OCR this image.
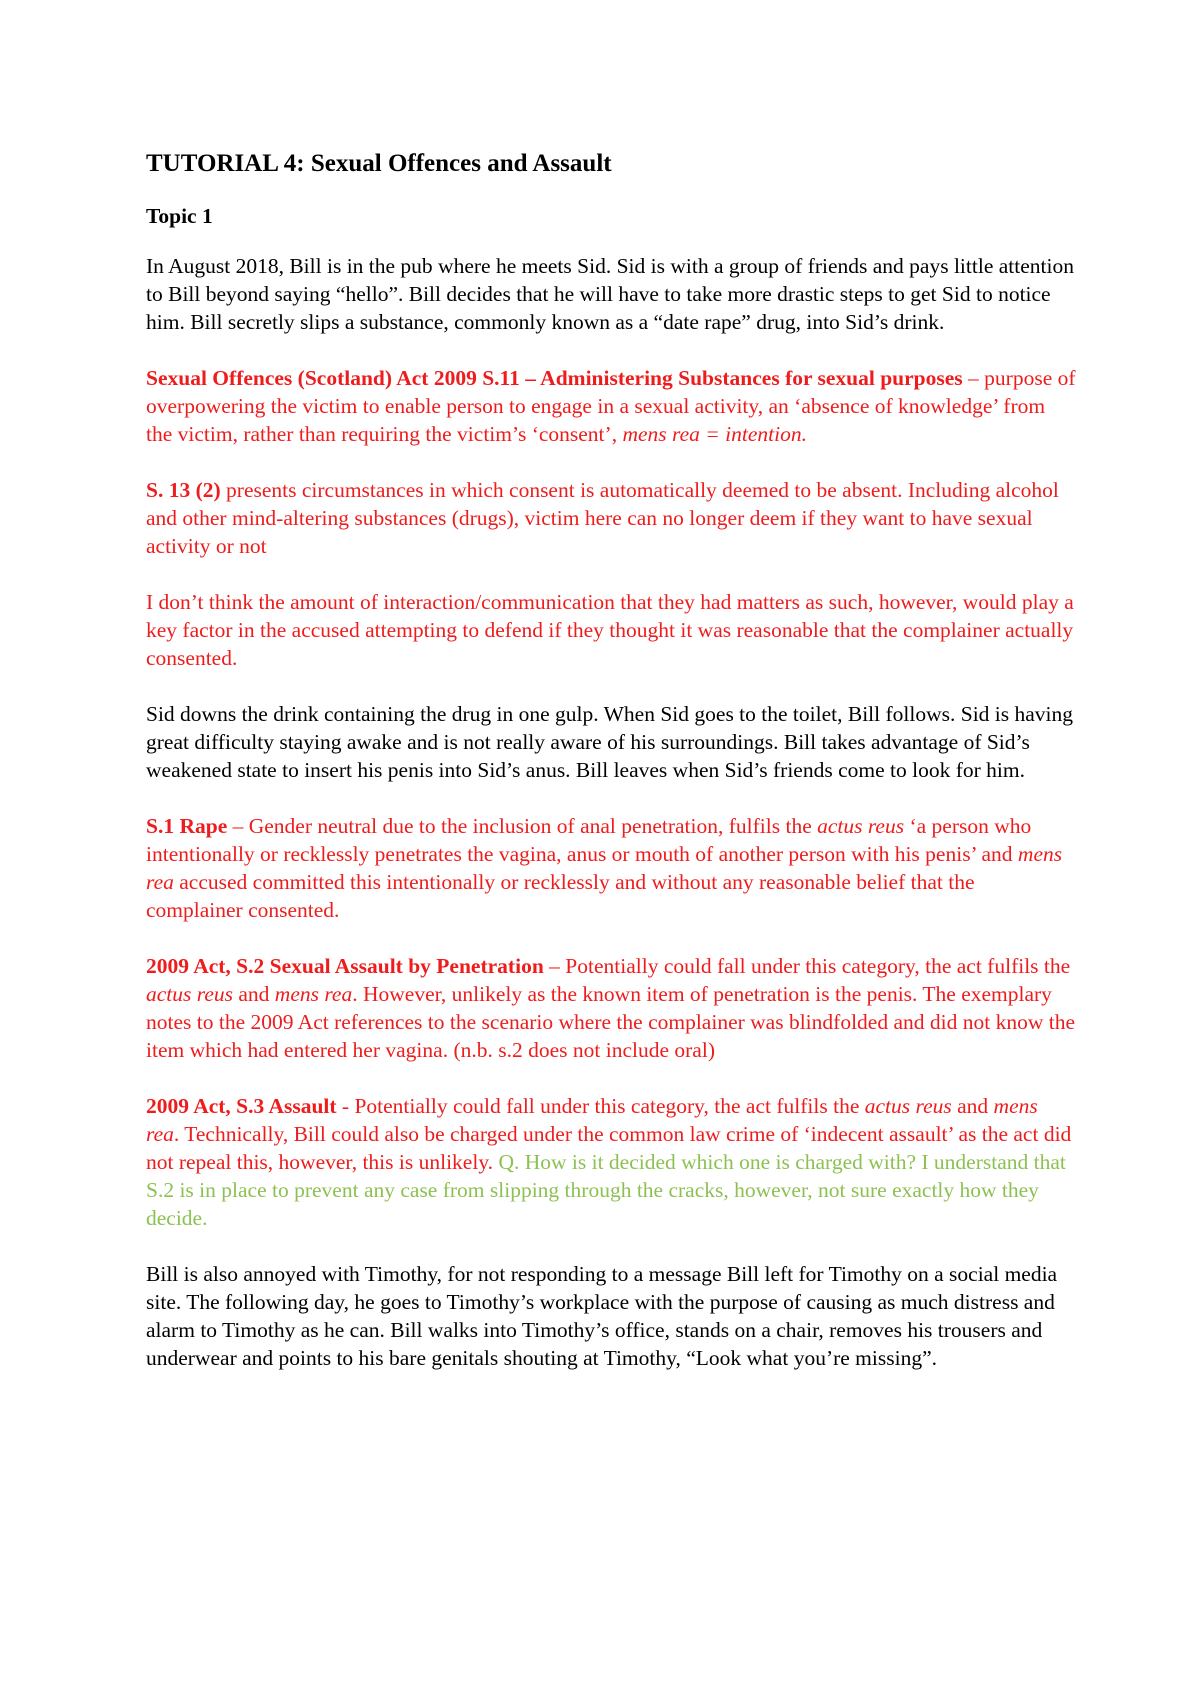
TUTORIAL 4: Sexual Offences and Assault
Topic 1

In August 2018, Bill is in the pub where he meets Sid. Sid is with a group of friends and pays little attention to Bill beyond saying “hello”. Bill decides that he will have to take more drastic steps to get Sid to notice him. Bill secretly slips a substance, commonly known as a “date rape” drug, into Sid’s drink.

Sexual Offences (Scotland) Act 2009 S.11 – Administering Substances for sexual purposes – purpose of overpowering the victim to enable person to engage in a sexual activity, an ‘absence of knowledge’ from the victim, rather than requiring the victim’s ‘consent’, mens rea = intention.

S. 13 (2) presents circumstances in which consent is automatically deemed to be absent. Including alcohol and other mind-altering substances (drugs), victim here can no longer deem if they want to have sexual activity or not

I don’t think the amount of interaction/communication that they had matters as such, however, would play a key factor in the accused attempting to defend if they thought it was reasonable that the complainer actually consented.

Sid downs the drink containing the drug in one gulp. When Sid goes to the toilet, Bill follows. Sid is having great difficulty staying awake and is not really aware of his surroundings. Bill takes advantage of Sid’s weakened state to insert his penis into Sid’s anus. Bill leaves when Sid’s friends come to look for him.

S.1 Rape – Gender neutral due to the inclusion of anal penetration, fulfils the actus reus ‘a person who intentionally or recklessly penetrates the vagina, anus or mouth of another person with his penis’ and mens rea accused committed this intentionally or recklessly and without any reasonable belief that the complainer consented.

2009 Act, S.2 Sexual Assault by Penetration – Potentially could fall under this category, the act fulfils the actus reus and mens rea. However, unlikely as the known item of penetration is the penis. The exemplary notes to the 2009 Act references to the scenario where the complainer was blindfolded and did not know the item which had entered her vagina. (n.b. s.2 does not include oral)

2009 Act, S.3 Assault - Potentially could fall under this category, the act fulfils the actus reus and mens rea. Technically, Bill could also be charged under the common law crime of ‘indecent assault’ as the act did not repeal this, however, this is unlikely. Q. How is it decided which one is charged with? I understand that S.2 is in place to prevent any case from slipping through the cracks, however, not sure exactly how they decide.

Bill is also annoyed with Timothy, for not responding to a message Bill left for Timothy on a social media site. The following day, he goes to Timothy’s workplace with the purpose of causing as much distress and alarm to Timothy as he can. Bill walks into Timothy’s office, stands on a chair, removes his trousers and underwear and points to his bare genitals shouting at Timothy, “Look what you’re missing”.
